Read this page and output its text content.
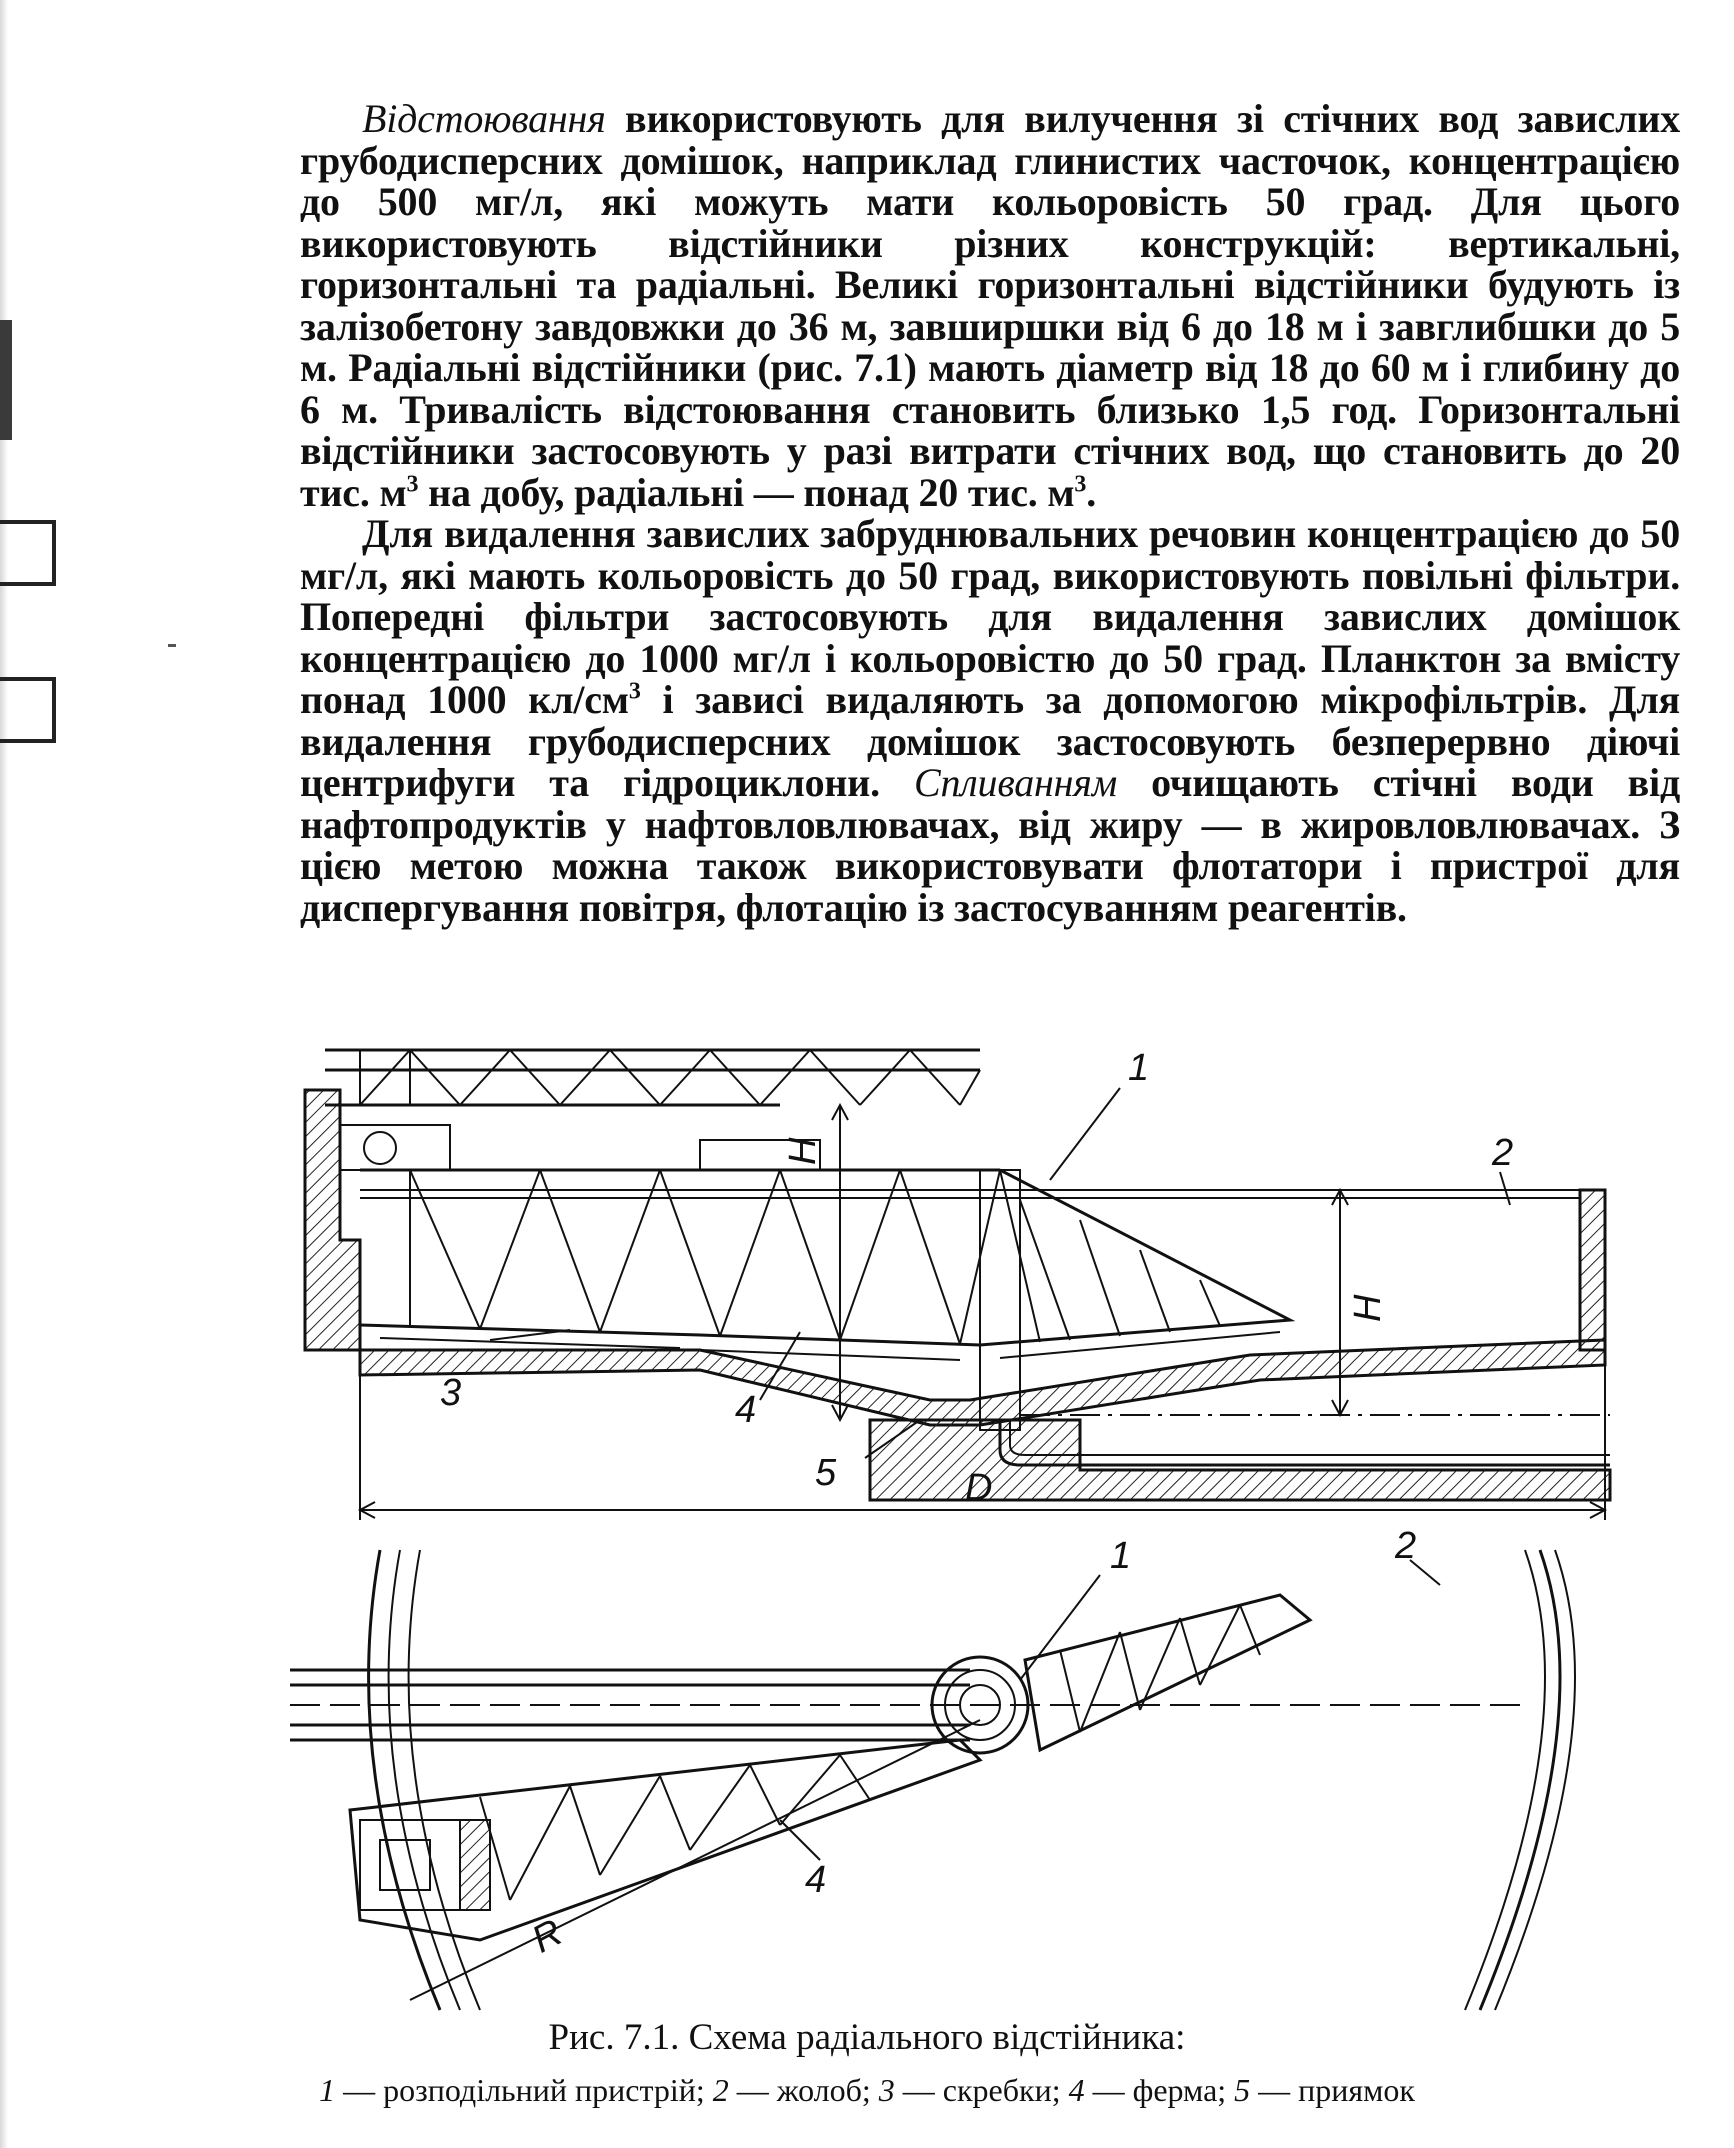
Відстоювання використовують для вилучення зі стічних вод завислих грубодисперсних домішок, наприклад глинистих часточок, концентрацією до 500 мг/л, які можуть мати кольоровість 50 град. Для цього використовують відстійники різних конструкцій: вертикальні, горизонтальні та радіальні. Великі горизонтальні відстійники будують із залізобетону завдовжки до 36 м, завширшки від 6 до 18 м і завглибшки до 5 м. Радіальні відстійники (рис. 7.1) мають діаметр від 18 до 60 м і глибину до 6 м. Тривалість відстоювання становить близько 1,5 год. Горизонтальні відстійники застосовують у разі витрати стічних вод, що становить до 20 тис. $м^3$ на добу, радіальні — понад 20 тис. $м^3$.

Для видалення завислих забруднювальних речовин концентрацією до 50 мг/л, які мають кольоровість до 50 град, використовують повільні фільтри. Попередні фільтри застосовують для видалення завислих домішок концентрацією до 1000 мг/л і кольоровістю до 50 град. Планктон за вмісту понад 1000 $кл/см^3$ і зависі видаляють за допомогою мікрофільтрів. Для видалення грубодисперсних домішок застосовують безперервно діючі центрифуги та гідроциклони. Спливанням очищають стічні води від нафтопродуктів у нафтовловлювачах, від жиру — в жировловлювачах. З цією метою можна також використовувати флотатори і пристрої для диспергування повітря, флотацію із застосуванням реагентів.

1
2
3	4
5
H
H
D
1	2
4
R

Рис. 7.1. Схема радіального відстійника:

1 — розподільний пристрій; 2 — жолоб; 3 — скребки; 4 — ферма; 5 — приямок
